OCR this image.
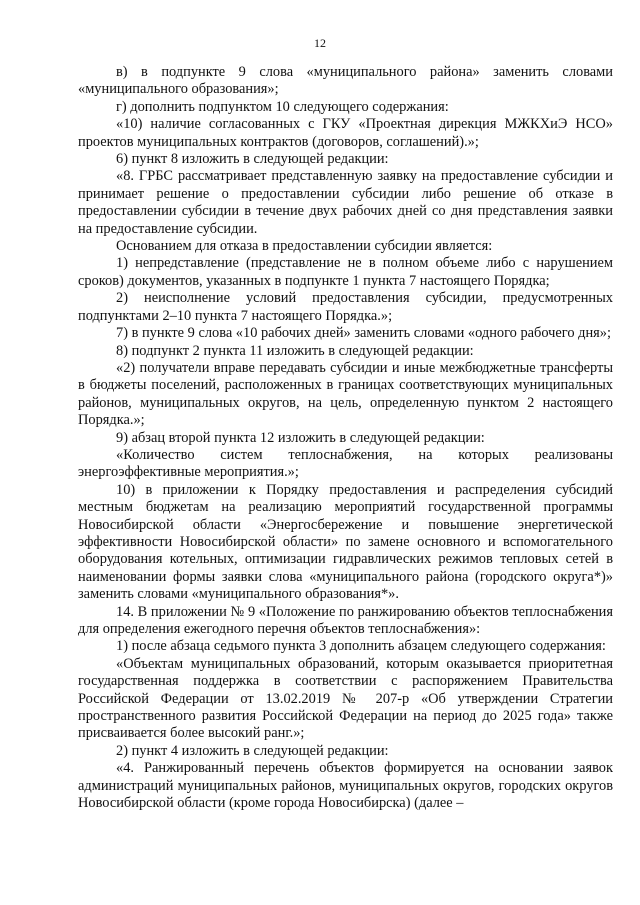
12

в) в подпункте 9 слова «муниципального района» заменить словами «муниципального образования»;

г) дополнить подпунктом 10 следующего содержания:

«10) наличие согласованных с ГКУ «Проектная дирекция МЖКХиЭ НСО» проектов муниципальных контрактов (договоров, соглашений).»;

6) пункт 8 изложить в следующей редакции:

«8. ГРБС рассматривает представленную заявку на предоставление субсидии и принимает решение о предоставлении субсидии либо решение об отказе в предоставлении субсидии в течение двух рабочих дней со дня представления заявки на предоставление субсидии.

Основанием для отказа в предоставлении субсидии является:

1) непредставление (представление не в полном объеме либо с нарушением сроков) документов, указанных в подпункте 1 пункта 7 настоящего Порядка;

2) неисполнение условий предоставления субсидии, предусмотренных подпунктами 2–10 пункта 7 настоящего Порядка.»;

7) в пункте 9 слова «10 рабочих дней» заменить словами «одного рабочего дня»;

8) подпункт 2 пункта 11 изложить в следующей редакции:

«2) получатели вправе передавать субсидии и иные межбюджетные трансферты в бюджеты поселений, расположенных в границах соответствующих муниципальных районов, муниципальных округов, на цель, определенную пунктом 2 настоящего Порядка.»;

9) абзац второй пункта 12 изложить в следующей редакции:

«Количество систем теплоснабжения, на которых реализованы энергоэффективные мероприятия.»;

10) в приложении к Порядку предоставления и распределения субсидий местным бюджетам на реализацию мероприятий государственной программы Новосибирской области «Энергосбережение и повышение энергетической эффективности Новосибирской области» по замене основного и вспомогательного оборудования котельных, оптимизации гидравлических режимов тепловых сетей в наименовании формы заявки слова «муниципального района (городского округа*)» заменить словами «муниципального образования*».

14. В приложении № 9 «Положение по ранжированию объектов теплоснабжения для определения ежегодного перечня объектов теплоснабжения»:

1) после абзаца седьмого пункта 3 дополнить абзацем следующего содержания:

«Объектам муниципальных образований, которым оказывается приоритетная государственная поддержка в соответствии с распоряжением Правительства Российской Федерации от 13.02.2019 № 207-р «Об утверждении Стратегии пространственного развития Российской Федерации на период до 2025 года» также присваивается более высокий ранг.»;

2) пункт 4 изложить в следующей редакции:

«4. Ранжированный перечень объектов формируется на основании заявок администраций муниципальных районов, муниципальных округов, городских округов Новосибирской области (кроме города Новосибирска) (далее –
